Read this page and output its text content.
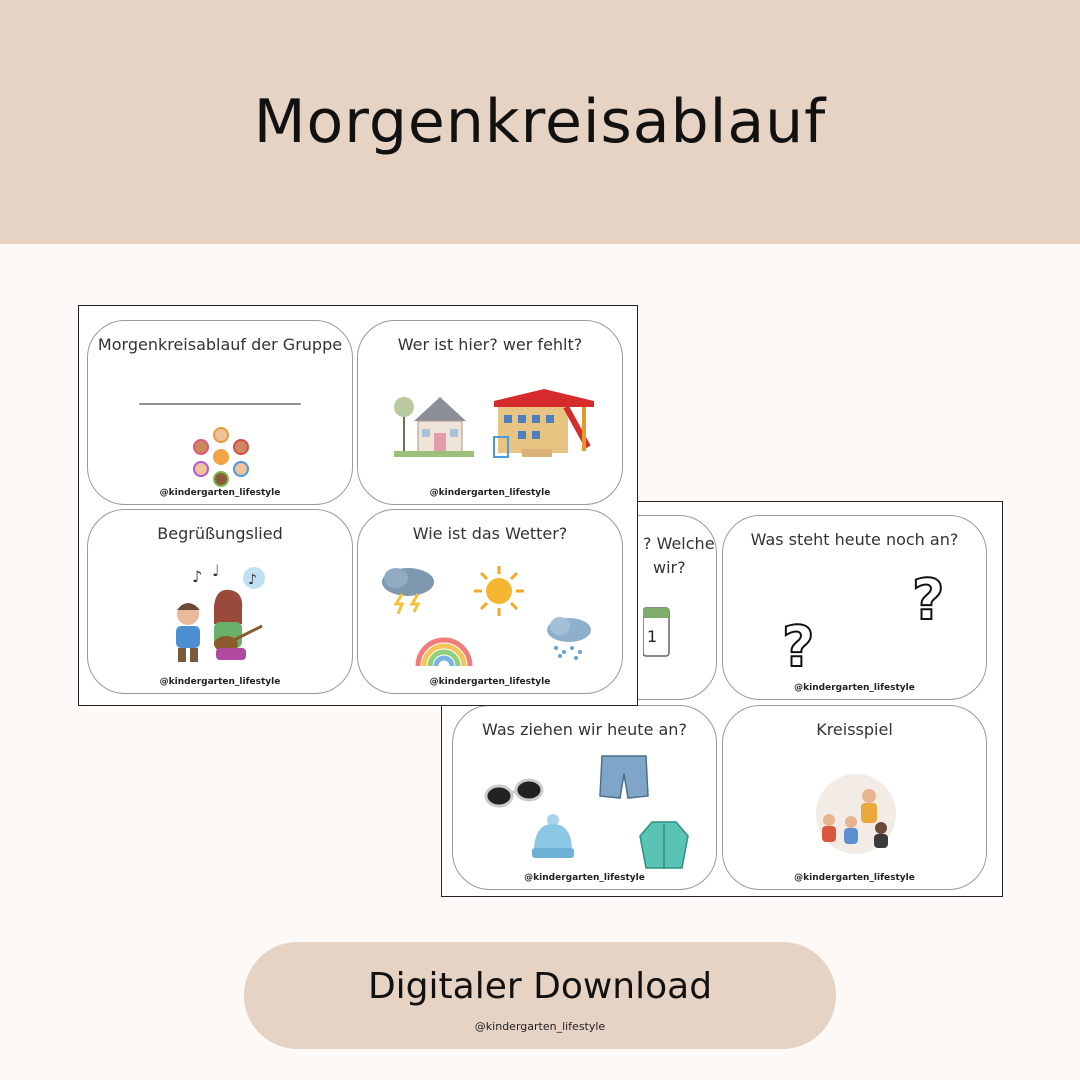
Morgenkreisablauf
? Welche
wir?
1
Was steht heute noch an?
?
?
@kindergarten_lifestyle
Was ziehen wir heute an?
@kindergarten_lifestyle
Kreisspiel
@kindergarten_lifestyle
Morgenkreisablauf der Gruppe
_______________________
@kindergarten_lifestyle
Wer ist hier? wer fehlt?
@kindergarten_lifestyle
Begrüßungslied
♪ ♩ ♪
@kindergarten_lifestyle
Wie ist das Wetter?
@kindergarten_lifestyle
Digitaler Download
@kindergarten_lifestyle
